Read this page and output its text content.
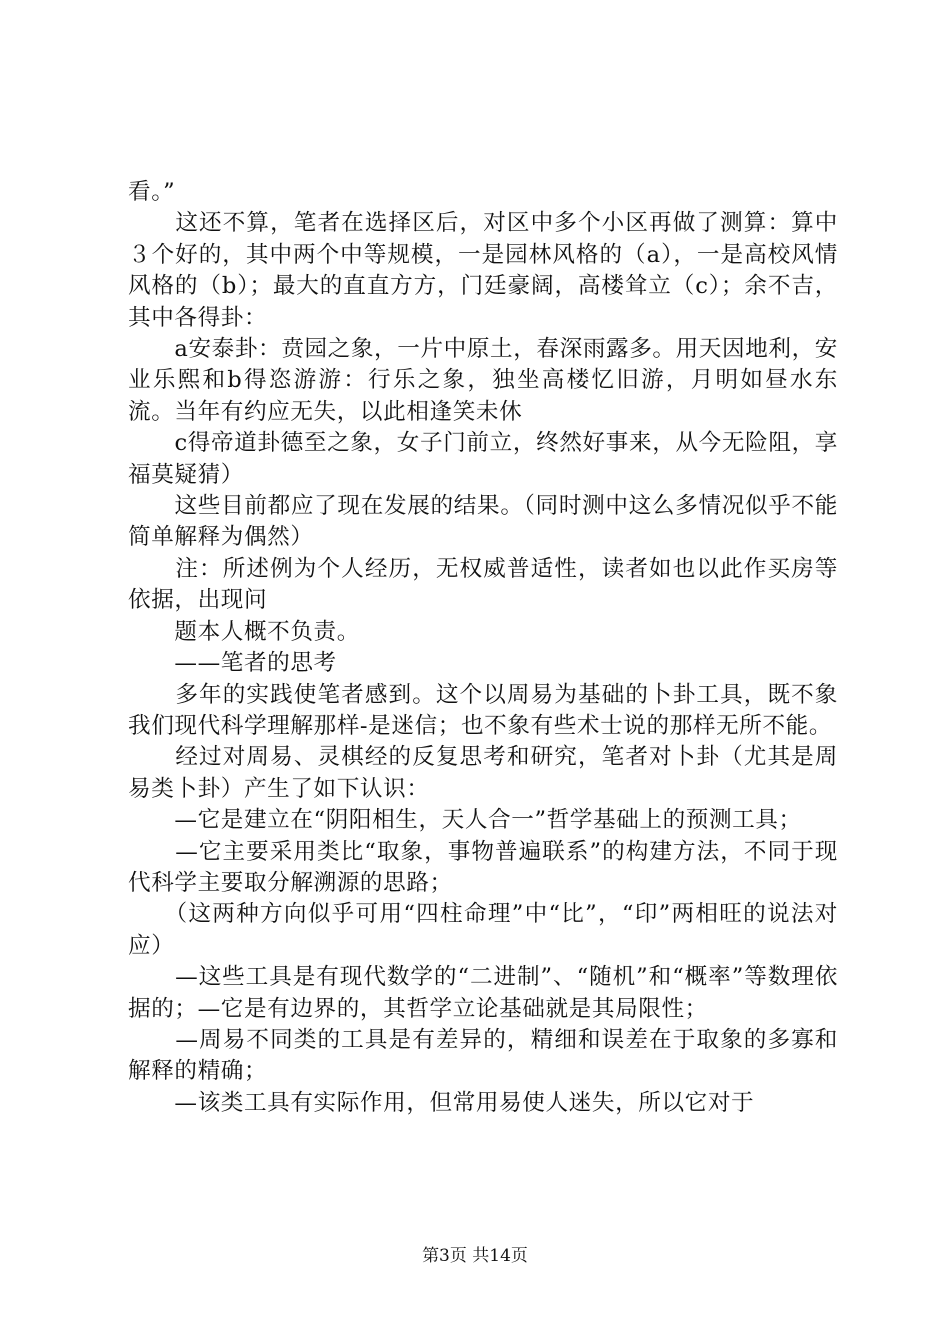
看。”

　　这还不算，笔者在选择区后，对区中多个小区再做了测算：算中３个好的，其中两个中等规模，一是园林风格的（a），一是高校风情风格的（b）；最大的直直方方，门廷豪阔，高楼耸立（c）；余不吉，其中各得卦：

　　a安泰卦：贲园之象，一片中原土，春深雨露多。用天因地利，安业乐熙和b得恣游游：行乐之象，独坐高楼忆旧游，月明如昼水东流。当年有约应无失，以此相逢笑未休

　　c得帝道卦德至之象，女子门前立，终然好事来，从今无险阻，享福莫疑猜）

　　这些目前都应了现在发展的结果。（同时测中这么多情况似乎不能简单解释为偶然）

　　注：所述例为个人经历，无权威普适性，读者如也以此作买房等依据，出现问

　　题本人概不负责。

　　——笔者的思考

　　多年的实践使笔者感到。这个以周易为基础的卜卦工具，既不象我们现代科学理解那样-是迷信；也不象有些术士说的那样无所不能。

　　经过对周易、灵棋经的反复思考和研究，笔者对卜卦（尤其是周易类卜卦）产生了如下认识：

　　—它是建立在“阴阳相生，天人合一”哲学基础上的预测工具；

　　—它主要采用类比“取象，事物普遍联系”的构建方法，不同于现代科学主要取分解溯源的思路；

　　（这两种方向似乎可用“四柱命理”中“比”，“印”两相旺的说法对应）

　　—这些工具是有现代数学的“二进制”、“随机”和“概率”等数理依据的；—它是有边界的，其哲学立论基础就是其局限性；

　　—周易不同类的工具是有差异的，精细和误差在于取象的多寡和解释的精确；

　　—该类工具有实际作用，但常用易使人迷失，所以它对于

第3页 共14页
